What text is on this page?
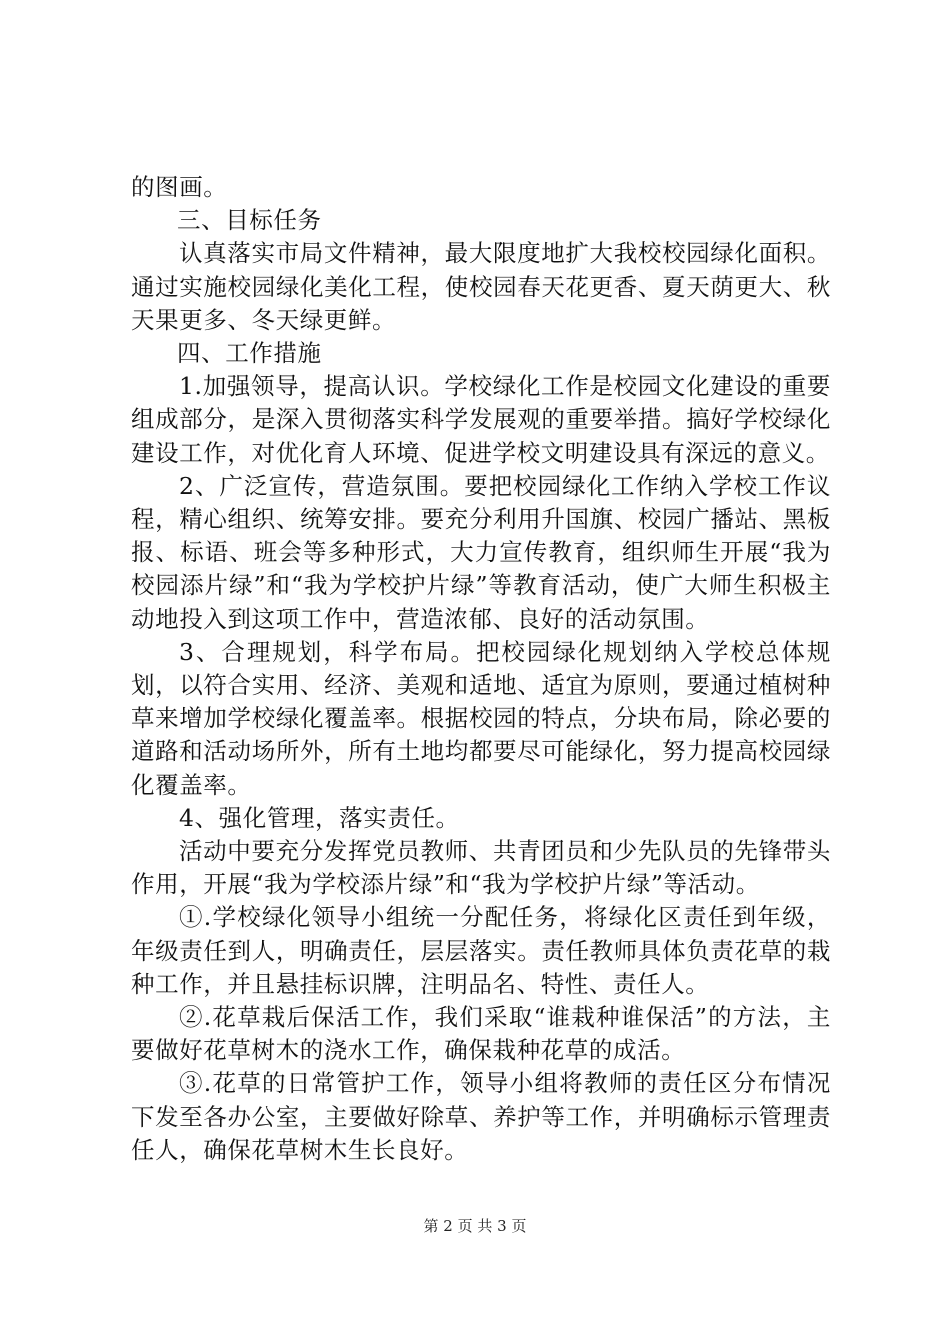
的图画。

三、目标任务

认真落实市局文件精神，最大限度地扩大我校校园绿化面积。通过实施校园绿化美化工程，使校园春天花更香、夏天荫更大、秋天果更多、冬天绿更鲜。

四、工作措施

1.加强领导，提高认识。学校绿化工作是校园文化建设的重要组成部分，是深入贯彻落实科学发展观的重要举措。搞好学校绿化建设工作，对优化育人环境、促进学校文明建设具有深远的意义。

2、广泛宣传，营造氛围。要把校园绿化工作纳入学校工作议程，精心组织、统筹安排。要充分利用升国旗、校园广播站、黑板报、标语、班会等多种形式，大力宣传教育，组织师生开展“我为校园添片绿”和“我为学校护片绿”等教育活动，使广大师生积极主动地投入到这项工作中，营造浓郁、良好的活动氛围。

3、合理规划，科学布局。把校园绿化规划纳入学校总体规划，以符合实用、经济、美观和适地、适宜为原则，要通过植树种草来增加学校绿化覆盖率。根据校园的特点，分块布局，除必要的道路和活动场所外，所有土地均都要尽可能绿化，努力提高校园绿化覆盖率。

4、强化管理，落实责任。

活动中要充分发挥党员教师、共青团员和少先队员的先锋带头作用，开展“我为学校添片绿”和“我为学校护片绿”等活动。

①.学校绿化领导小组统一分配任务，将绿化区责任到年级，年级责任到人，明确责任，层层落实。责任教师具体负责花草的栽种工作，并且悬挂标识牌，注明品名、特性、责任人。

②.花草栽后保活工作，我们采取“谁栽种谁保活”的方法，主要做好花草树木的浇水工作，确保栽种花草的成活。

③.花草的日常管护工作，领导小组将教师的责任区分布情况下发至各办公室，主要做好除草、养护等工作，并明确标示管理责任人，确保花草树木生长良好。

第 2 页 共 3 页
